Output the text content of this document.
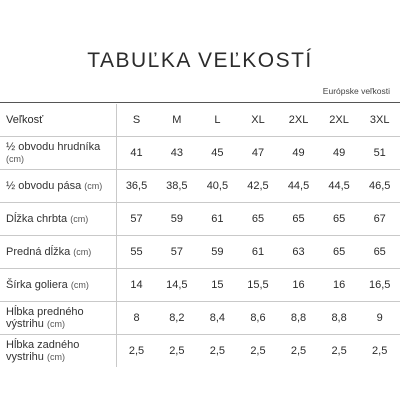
TABUĽKA VEĽKOSTÍ
Európske veľkosti
Veľkosť	S	M	L	XL	2XL	2XL	3XL
½ obvodu hrudníka (cm)	41	43	45	47	49	49	51
½ obvodu pása (cm)	36,5	38,5	40,5	42,5	44,5	44,5	46,5
Dĺžka chrbta (cm)	57	59	61	65	65	65	67
Predná dĺžka (cm)	55	57	59	61	63	65	65
Šírka goliera (cm)	14	14,5	15	15,5	16	16	16,5
Hĺbka predného výstrihu (cm)	8	8,2	8,4	8,6	8,8	8,8	9
Hĺbka zadného vystrihu (cm)	2,5	2,5	2,5	2,5	2,5	2,5	2,5
